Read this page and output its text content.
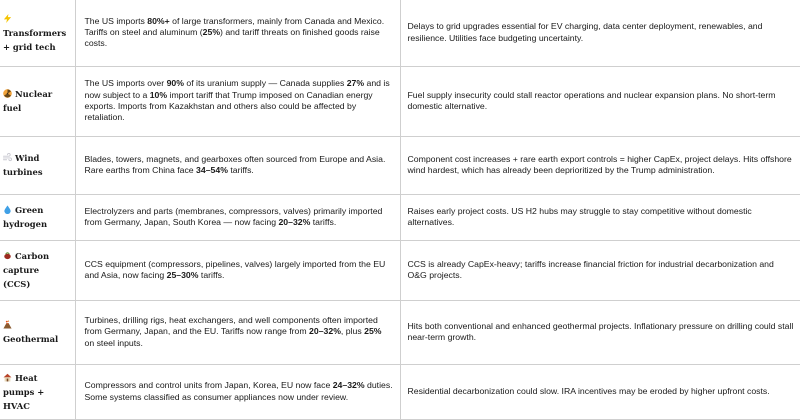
Transformers + grid tech	The US imports 80%+ of large transformers, mainly from Canada and Mexico. Tariffs on steel and aluminum (25%) and tariff threats on finished goods raise costs.	Delays to grid upgrades essential for EV charging, data center deployment, renewables, and resilience. Utilities face budgeting uncertainty.
Nuclear fuel	The US imports over 90% of its uranium supply — Canada supplies 27% and is now subject to a 10% import tariff that Trump imposed on Canadian energy exports. Imports from Kazakhstan and others also could be affected by retaliation.	Fuel supply insecurity could stall reactor operations and nuclear expansion plans. No short-term domestic alternative.
Wind turbines	Blades, towers, magnets, and gearboxes often sourced from Europe and Asia. Rare earths from China face 34–54% tariffs.	Component cost increases + rare earth export controls = higher CapEx, project delays. Hits offshore wind hardest, which has already been deprioritized by the Trump administration.
Green hydrogen	Electrolyzers and parts (membranes, compressors, valves) primarily imported from Germany, Japan, South Korea — now facing 20–32% tariffs.	Raises early project costs. US H2 hubs may struggle to stay competitive without domestic alternatives.
Carbon capture (CCS)	CCS equipment (compressors, pipelines, valves) largely imported from the EU and Asia, now facing 25–30% tariffs.	CCS is already CapEx-heavy; tariffs increase financial friction for industrial decarbonization and O&G projects.
Geothermal	Turbines, drilling rigs, heat exchangers, and well components often imported from Germany, Japan, and the EU. Tariffs now range from 20–32%, plus 25% on steel inputs.	Hits both conventional and enhanced geothermal projects. Inflationary pressure on drilling could stall near-term growth.
Heat pumps + HVAC	Compressors and control units from Japan, Korea, EU now face 24–32% duties. Some systems classified as consumer appliances now under review.	Residential decarbonization could slow. IRA incentives may be eroded by higher upfront costs.
